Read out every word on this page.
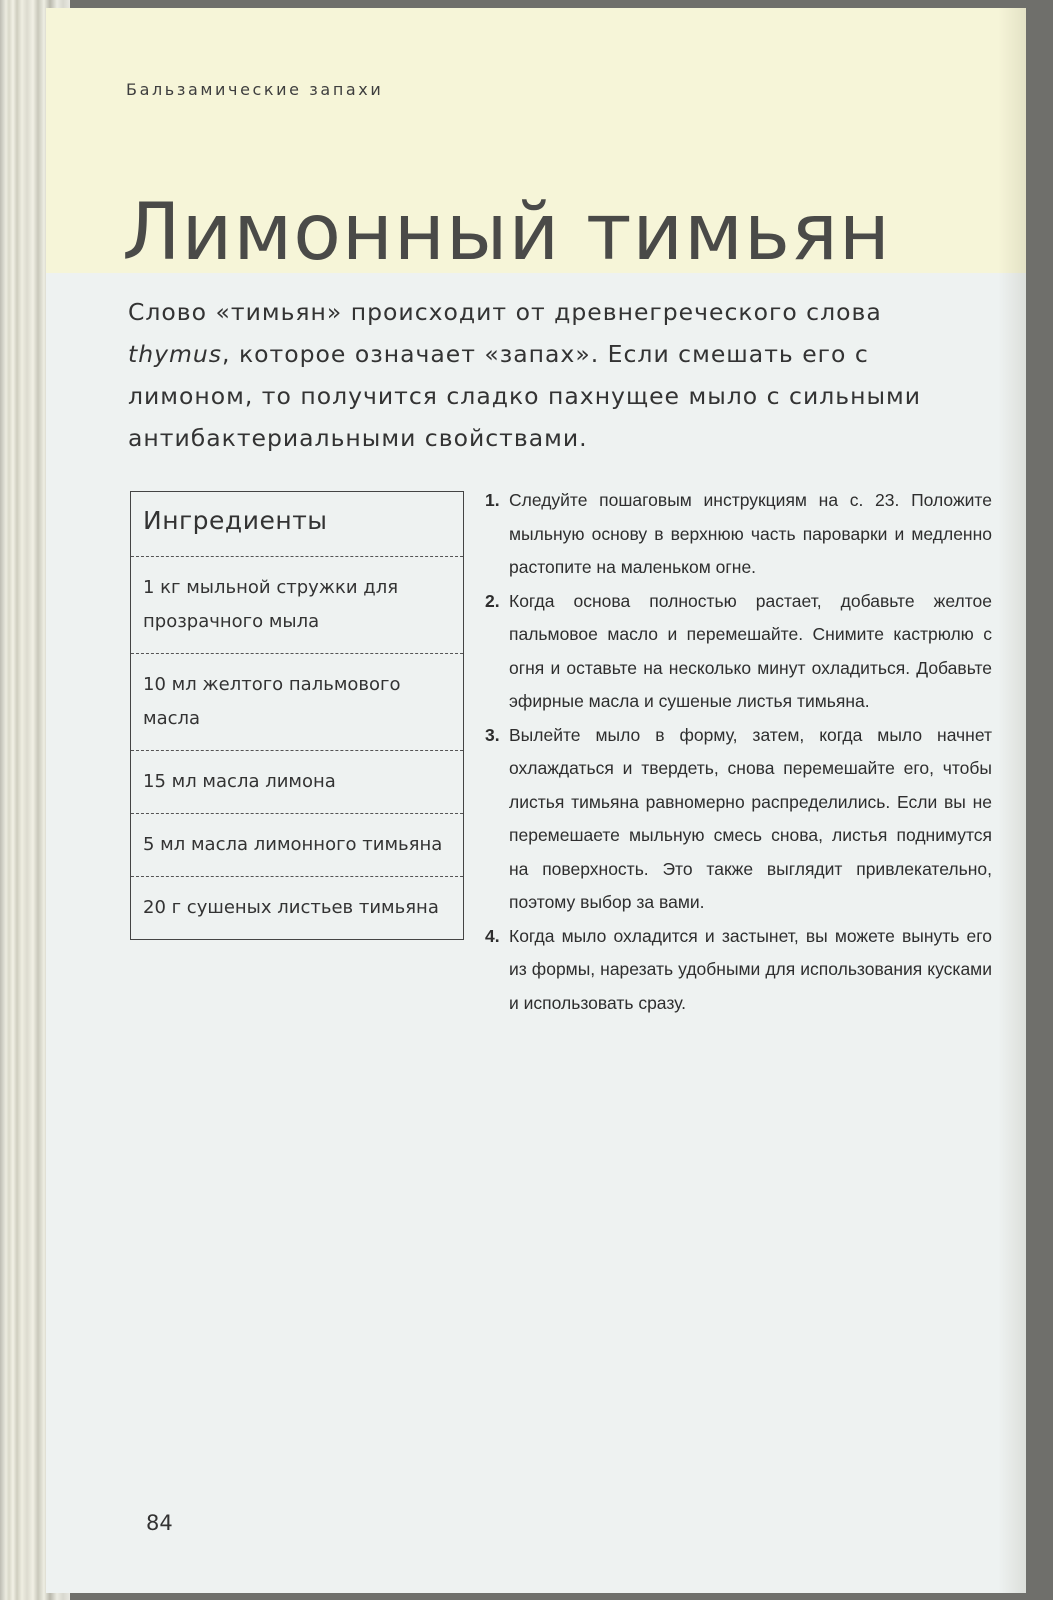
Бальзамические запахи
Лимонный тимьян

Слово «тимьян» происходит от древнегреческого слова thymus, которое означает «запах». Если смешать его с лимоном, то получится сладко пахнущее мыло с сильными антибактериальными свойствами.

Ингредиенты
1 кг мыльной стружки для прозрачного мыла
10 мл желтого пальмового масла
15 мл масла лимона
5 мл масла лимонного тимьяна
20 г сушеных листьев тимьяна
1. Следуйте пошаговым инструкциям на с. 23. Положите мыльную основу в верхнюю часть пароварки и медленно растопите на маленьком огне.
2. Когда основа полностью растает, добавьте желтое пальмовое масло и перемешайте. Снимите кастрюлю с огня и оставьте на несколько минут охладиться. Добавьте эфирные масла и сушеные листья тимьяна.
3. Вылейте мыло в форму, затем, когда мыло начнет охлаждаться и твердеть, снова перемешайте его, чтобы листья тимьяна равномерно распределились. Если вы не перемешаете мыльную смесь снова, листья поднимутся на поверхность. Это также выглядит привлекательно, поэтому выбор за вами.
4. Когда мыло охладится и застынет, вы можете вынуть его из формы, нарезать удобными для использования кусками и использовать сразу.
84
